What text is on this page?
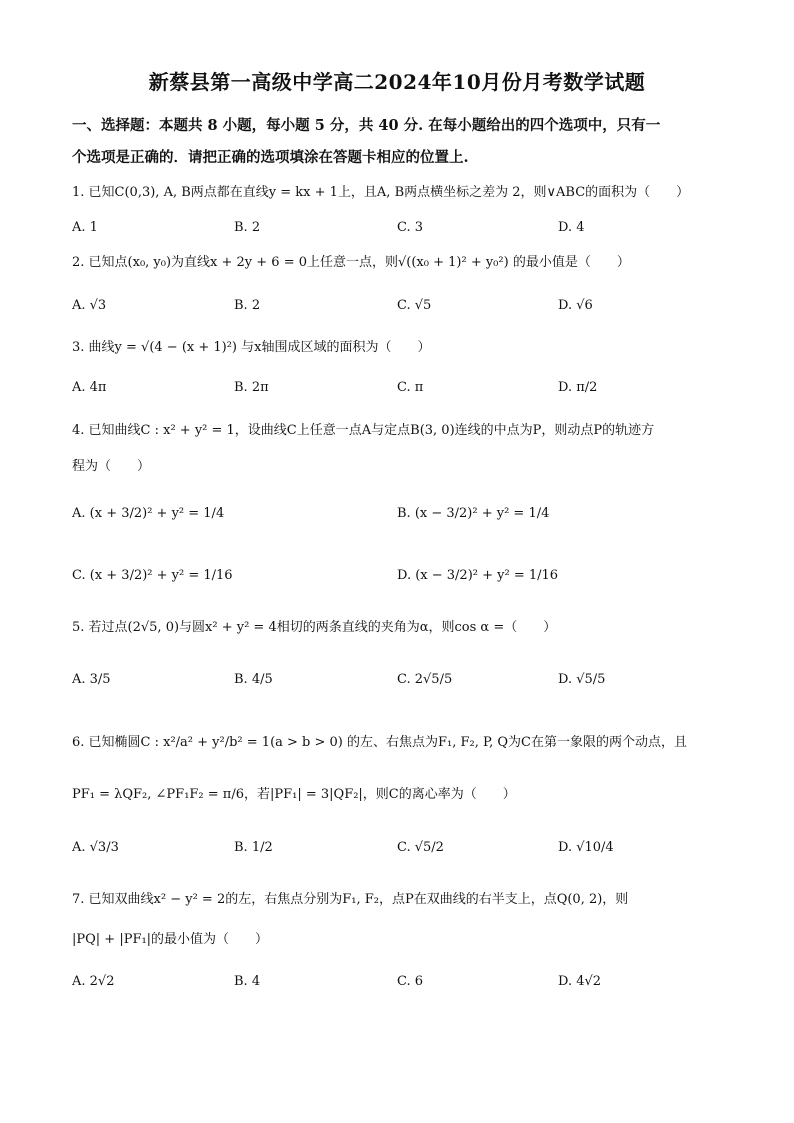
新蔡县第一高级中学高二2024年10月份月考数学试题
一、选择题：本题共 8 小题，每小题 5 分，共 40 分. 在每小题给出的四个选项中，只有一
个选项是正确的．请把正确的选项填涂在答题卡相应的位置上.
1. 已知C(0,3), A, B两点都在直线y = kx + 1上，且A, B两点横坐标之差为 2，则∨ABC的面积为（　　）
A. 1	B. 2	C. 3	D. 4
2. 已知点(x₀, y₀)为直线x + 2y + 6 = 0上任意一点，则√((x₀ + 1)² + y₀²) 的最小值是（　　）
A. √3	B. 2	C. √5	D. √6
3. 曲线y = √(4 − (x + 1)²) 与x轴围成区域的面积为（　　）
A. 4π	B. 2π	C. π	D. π/2
4. 已知曲线C : x² + y² = 1，设曲线C上任意一点A与定点B(3, 0)连线的中点为P，则动点P的轨迹方
程为（　　）
A. (x + 3/2)² + y² = 1/4	B. (x − 3/2)² + y² = 1/4
C. (x + 3/2)² + y² = 1/16	D. (x − 3/2)² + y² = 1/16
5. 若过点(2√5, 0)与圆x² + y² = 4相切的两条直线的夹角为α，则cos α =（　　）
A. 3/5	B. 4/5	C. 2√5/5	D. √5/5
6. 已知椭圆C : x²/a² + y²/b² = 1(a > b > 0) 的左、右焦点为F₁, F₂, P, Q为C在第一象限的两个动点，且
PF₁ = λQF₂, ∠PF₁F₂ = π/6，若|PF₁| = 3|QF₂|，则C的离心率为（　　）
A. √3/3	B. 1/2	C. √5/2	D. √10/4
7. 已知双曲线x² − y² = 2的左，右焦点分别为F₁, F₂，点P在双曲线的右半支上，点Q(0, 2)，则
|PQ| + |PF₁|的最小值为（　　）
A. 2√2	B. 4	C. 6	D. 4√2
